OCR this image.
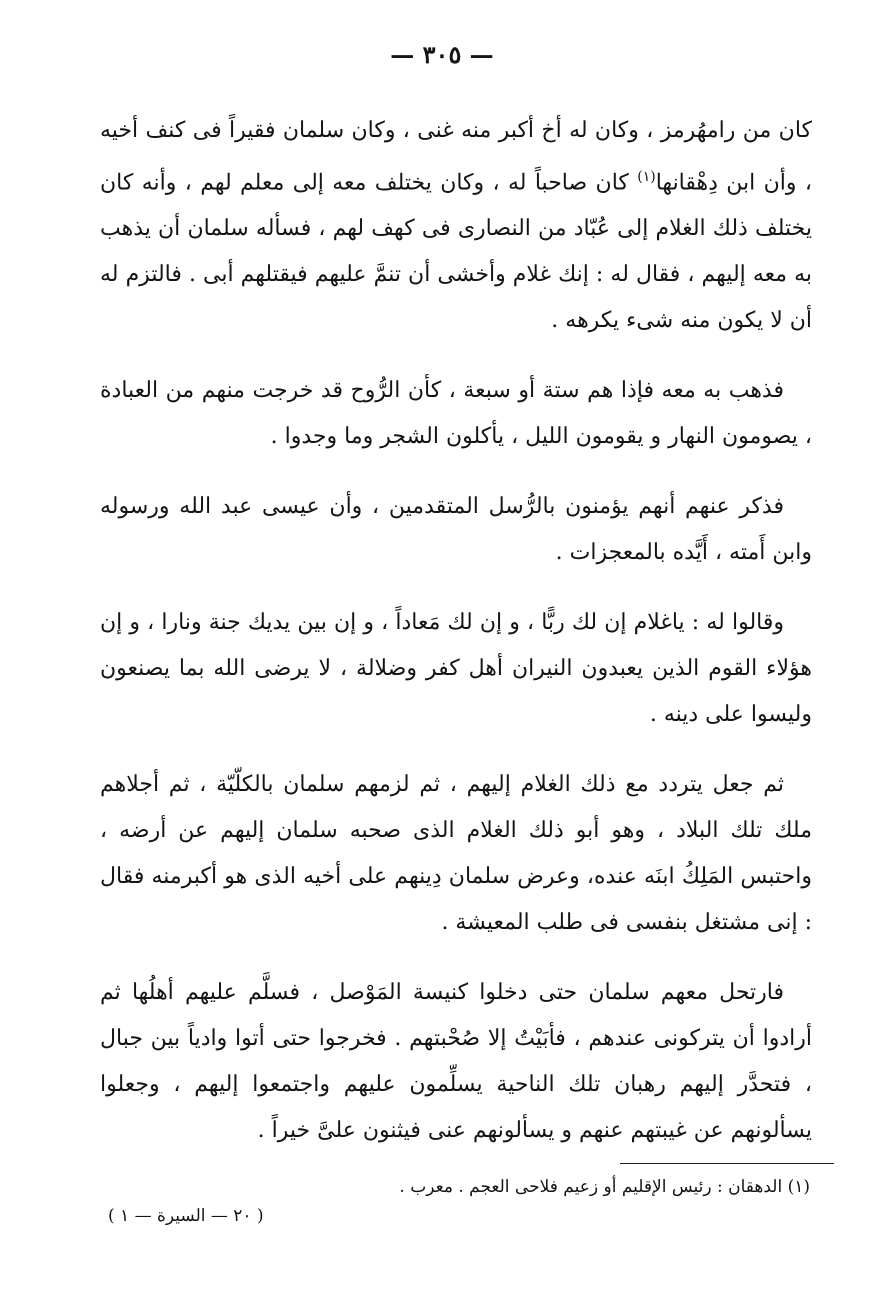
— ٣٠٥ —

كان من رامهُرمز ، وكان له أخ أكبر منه غنى ، وكان سلمان فقيراً فى كنف أخيه ، وأن ابن دِهْقانها$^{(١)}$ كان صاحباً له ، وكان يختلف معه إلى معلم لهم ، وأنه كان يختلف ذلك الغلام إلى عُبّاد من النصارى فى كهف لهم ، فسأله سلمان أن يذهب به معه إليهم ، فقال له : إنك غلام وأخشى أن تنمَّ عليهم فيقتلهم أبى . فالتزم له أن لا يكون منه شىء يكرهه .

فذهب به معه فإذا هم ستة أو سبعة ، كأن الرُّوح قد خرجت منهم من العبادة ، يصومون النهار و يقومون الليل ، يأكلون الشجر وما وجدوا .

فذكر عنهم أنهم يؤمنون بالرُّسل المتقدمين ، وأن عيسى عبد الله ورسوله وابن أَمته ، أَيَّده بالمعجزات .

وقالوا له : ياغلام إن لك ربًّا ، و إن لك مَعاداً ، و إن بين يديك جنة ونارا ، و إن هؤلاء القوم الذين يعبدون النيران أهل كفر وضلالة ، لا يرضى الله بما يصنعون وليسوا على دينه .

ثم جعل يتردد مع ذلك الغلام إليهم ، ثم لزمهم سلمان بالكلّيّة ، ثم أجلاهم ملك تلك البلاد ، وهو أبو ذلك الغلام الذى صحبه سلمان إليهم عن أرضه ، واحتبس المَلِكُ ابنَه عنده، وعرض سلمان دِينهم على أخيه الذى هو أكبرمنه فقال : إنى مشتغل بنفسى فى طلب المعيشة .

فارتحل معهم سلمان حتى دخلوا كنيسة المَوْصل ، فسلَّم عليهم أهلُها ثم أرادوا أن يتركونى عندهم ، فأبَيْتُ إلا صُحْبتهم . فخرجوا حتى أتوا وادياً بين جبال ، فتحدَّر إليهم رهبان تلك الناحية يسلِّمون عليهم واجتمعوا إليهم ، وجعلوا يسألونهم عن غيبتهم عنهم و يسألونهم عنى فيثنون علىَّ خيراً .

(١) الدهقان : رئيس الإقليم أو زعيم فلاحى العجم . معرب .
( ٢٠ — السيرة — ١ )
